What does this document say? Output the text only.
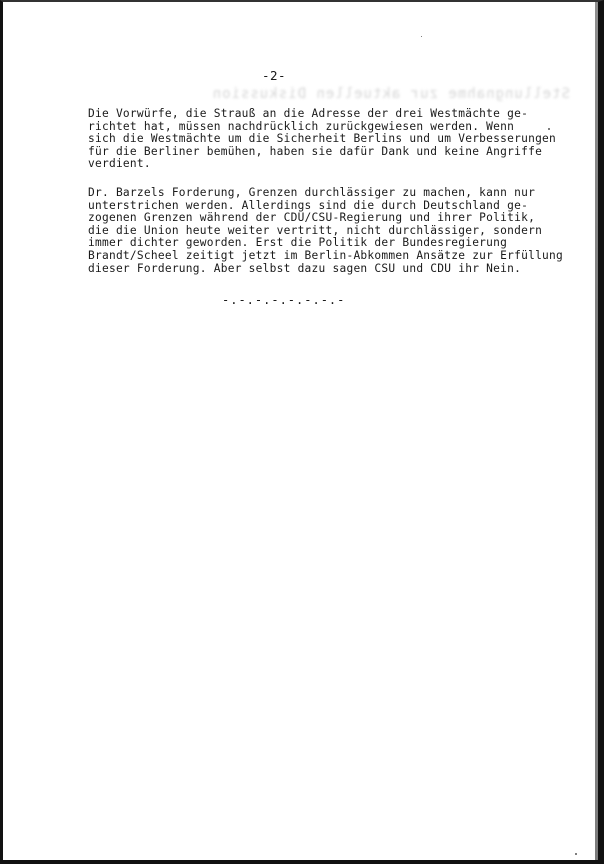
Stellungnahme zur aktuellen Diskussion
-2-

Die Vorwürfe, die Strauß an die Adresse der drei Westmächte ge-
richtet hat, müssen nachdrücklich zurückgewiesen werden. Wenn
sich die Westmächte um die Sicherheit Berlins und um Verbesserungen
für die Berliner bemühen, haben sie dafür Dank und keine Angriffe
verdient.

Dr. Barzels Forderung, Grenzen durchlässiger zu machen, kann nur
unterstrichen werden. Allerdings sind die durch Deutschland ge-
zogenen Grenzen während der CDU/CSU-Regierung und ihrer Politik,
die die Union heute weiter vertritt, nicht durchlässiger, sondern
immer dichter geworden. Erst die Politik der Bundesregierung
Brandt/Scheel zeitigt jetzt im Berlin-Abkommen Ansätze zur Erfüllung
dieser Forderung. Aber selbst dazu sagen CSU und CDU ihr Nein.

-.-.-.-.-.-.-.-
